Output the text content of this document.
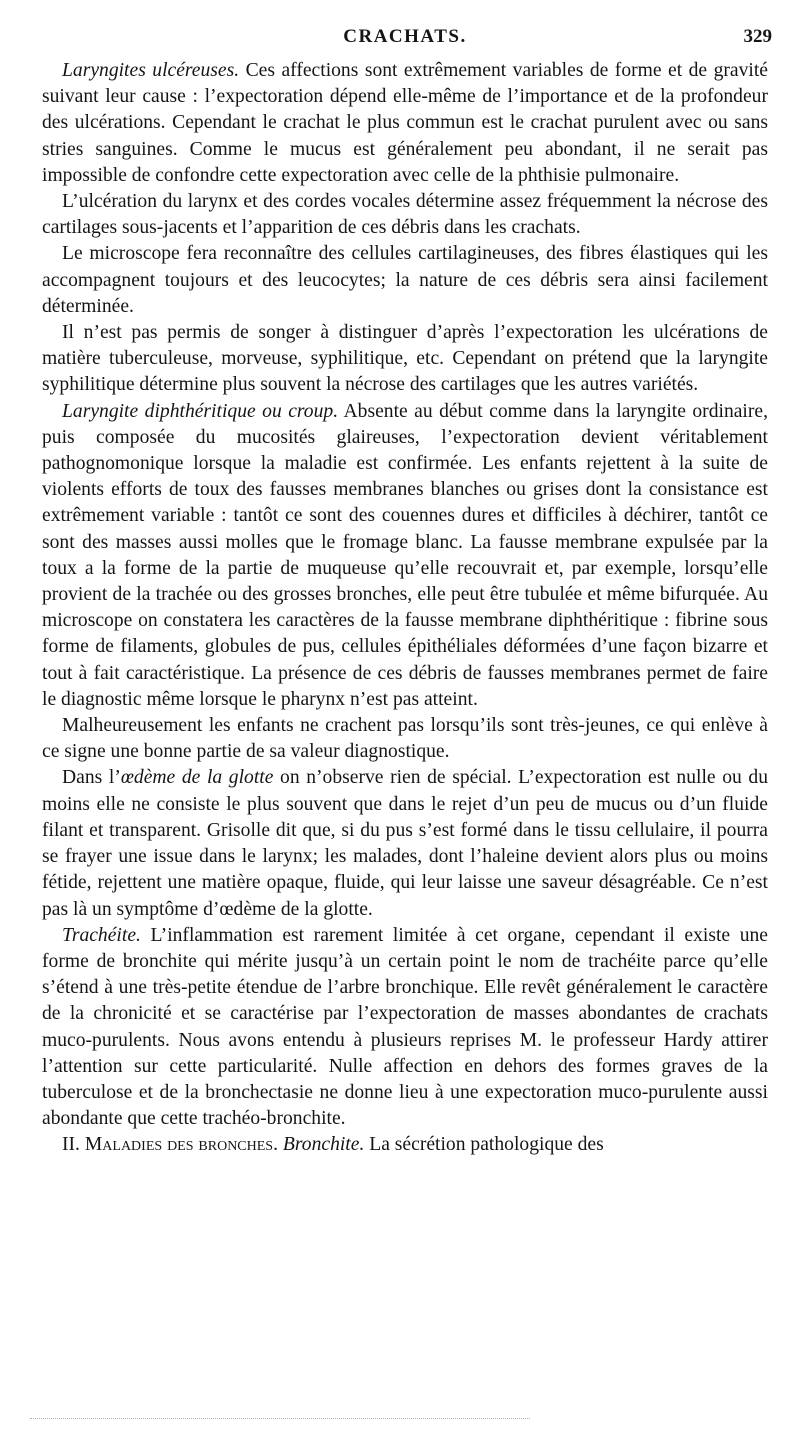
CRACHATS.	329

Laryngites ulcéreuses. Ces affections sont extrêmement variables de forme et de gravité suivant leur cause : l’expectoration dépend elle-même de l’importance et de la profondeur des ulcérations. Cependant le crachat le plus commun est le crachat purulent avec ou sans stries sanguines. Comme le mucus est généralement peu abondant, il ne serait pas impossible de confondre cette expectoration avec celle de la phthisie pulmonaire.

L’ulcération du larynx et des cordes vocales détermine assez fréquemment la nécrose des cartilages sous-jacents et l’apparition de ces débris dans les crachats.

Le microscope fera reconnaître des cellules cartilagineuses, des fibres élastiques qui les accompagnent toujours et des leucocytes; la nature de ces débris sera ainsi facilement déterminée.

Il n’est pas permis de songer à distinguer d’après l’expectoration les ulcérations de matière tuberculeuse, morveuse, syphilitique, etc. Cependant on prétend que la laryngite syphilitique détermine plus souvent la nécrose des cartilages que les autres variétés.

Laryngite diphthéritique ou croup. Absente au début comme dans la laryngite ordinaire, puis composée du mucosités glaireuses, l’expectoration devient véritablement pathognomonique lorsque la maladie est confirmée. Les enfants rejettent à la suite de violents efforts de toux des fausses membranes blanches ou grises dont la consistance est extrêmement variable : tantôt ce sont des couennes dures et difficiles à déchirer, tantôt ce sont des masses aussi molles que le fromage blanc. La fausse membrane expulsée par la toux a la forme de la partie de muqueuse qu’elle recouvrait et, par exemple, lorsqu’elle provient de la trachée ou des grosses bronches, elle peut être tubulée et même bifurquée. Au microscope on constatera les caractères de la fausse membrane diphthéritique : fibrine sous forme de filaments, globules de pus, cellules épithéliales déformées d’une façon bizarre et tout à fait caractéristique. La présence de ces débris de fausses membranes permet de faire le diagnostic même lorsque le pharynx n’est pas atteint.

Malheureusement les enfants ne crachent pas lorsqu’ils sont très-jeunes, ce qui enlève à ce signe une bonne partie de sa valeur diagnostique.

Dans l’œdème de la glotte on n’observe rien de spécial. L’expectoration est nulle ou du moins elle ne consiste le plus souvent que dans le rejet d’un peu de mucus ou d’un fluide filant et transparent. Grisolle dit que, si du pus s’est formé dans le tissu cellulaire, il pourra se frayer une issue dans le larynx; les malades, dont l’haleine devient alors plus ou moins fétide, rejettent une matière opaque, fluide, qui leur laisse une saveur désagréable. Ce n’est pas là un symptôme d’œdème de la glotte.

Trachéite. L’inflammation est rarement limitée à cet organe, cependant il existe une forme de bronchite qui mérite jusqu’à un certain point le nom de trachéite parce qu’elle s’étend à une très-petite étendue de l’arbre bronchique. Elle revêt généralement le caractère de la chronicité et se caractérise par l’expectoration de masses abondantes de crachats muco-purulents. Nous avons entendu à plusieurs reprises M. le professeur Hardy attirer l’attention sur cette particularité. Nulle affection en dehors des formes graves de la tuberculose et de la bronchectasie ne donne lieu à une expectoration muco-purulente aussi abondante que cette trachéo-bronchite.

II. Maladies des bronches. Bronchite. La sécrétion pathologique des
